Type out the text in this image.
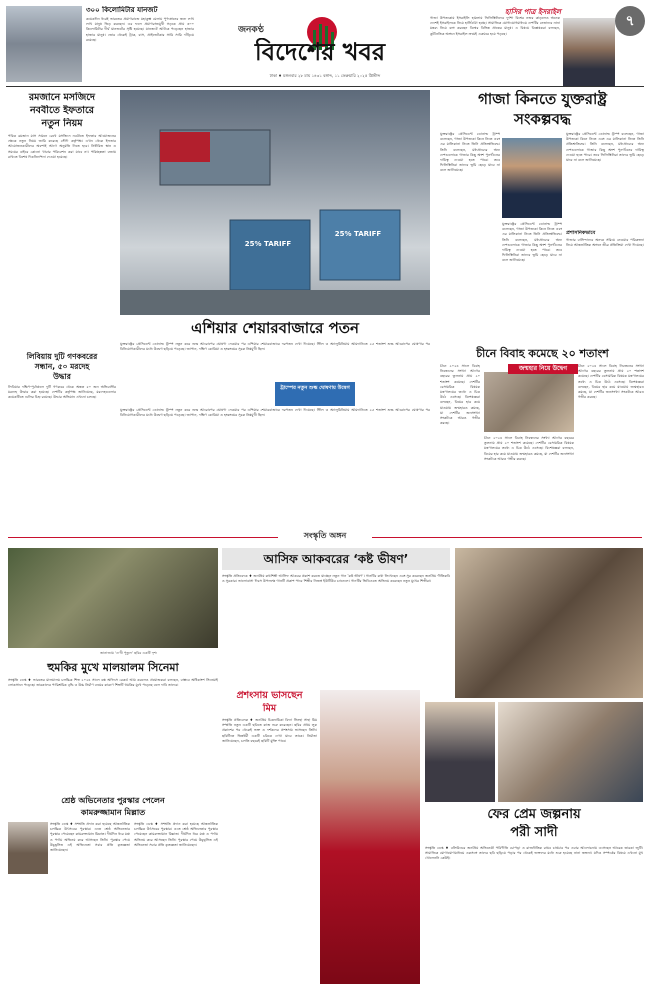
৩০০ কিলোমিটার যানজট
কয়েকদিন ধরেই ভারতের প্রয়াগরাজে মহাকুম্ভ মেলায় পুণ্যস্নানের জন্য লাখ লাখ মানুষ ভিড় করছেন। এর ফলে প্রয়াগরাজমুখী সড়কে প্রায় ৩০০ কিলোমিটার দীর্ঘ যানজটের সৃষ্টি হয়েছে। যানজটে আটকে পড়েছেন হাজার হাজার মানুষ। ভোর থেকেই ট্রাক, বাস, প্রাইভেটকার সারি সারি দাঁড়িয়ে রয়েছে।
জনকণ্ঠ
বিদেশের খবর
ঢাকা ♦ মঙ্গলবার ২৮ মাঘ ১৪৩১ বঙ্গাব্দ, ১১ ফেব্রুয়ারি ২০২৫ খ্রিস্টাব্দ
হাসির পাত্র ইসরাইল
গাজা উপত্যকায় ইসরাইলি হামলায় ফিলিস্তিনিদের দুর্দশা বিশ্বের নজর কাড়লেও অনেক দেশেই ইসরাইলকে নিয়ে হাসিঠাট্টা হচ্ছে। সামাজিক যোগাযোগমাধ্যমে দেশটির নেতাদের নানা মন্তব্য নিয়ে ব্যঙ্গ করছেন বিশ্বের বিভিন্ন প্রান্তের মানুষ। এ বিষয়ে বিশ্লেষকরা বলছেন, কূটনৈতিক অঙ্গনে ইসরাইল ক্রমেই একঘরে হয়ে পড়ছে।
৭
রমজানে মসজিদে
নববীতে ইফতারে
নতুন নিয়ম
পবিত্র রমজান মাস সামনে রেখে মসজিদে নববীতে ইফতার আয়োজনের ক্ষেত্রে নতুন নিয়ম জারি করেছে সৌদি কর্তৃপক্ষ। এখন থেকে ইফতার আয়োজনকারীদের অবশ্যই আগে অনুমতি নিতে হবে। নির্ধারিত স্থান ও সময়ের বাইরে কোনো খাবার পরিবেশন করা যাবে না। পরিচ্ছন্নতা বজায় রাখতে বিশেষ দিকনির্দেশনা দেওয়া হয়েছে।
লিবিয়ায় দুটি গণকবরের
সন্ধান, ৫০ মরদেহ
উদ্ধার
লিবিয়ার দক্ষিণ-পূর্বাঞ্চলে দুটি গণকবর থেকে অন্তত ৫০ জন অভিবাসীর মরদেহ উদ্ধার করা হয়েছে। দেশটির কর্তৃপক্ষ জানিয়েছে, মরদেহগুলোর কয়েকটিতে গুলির চিহ্ন রয়েছে। উদ্ধার অভিযান এখনো চলছে।
25% TARIFF
25% TARIFF
এশিয়ার শেয়ারবাজারে পতন
যুক্তরাষ্ট্রের প্রেসিডেন্ট ডোনাল্ড ট্রাম্প নতুন করে শুল্ক আরোপের ঘোষণা দেওয়ার পর এশিয়ার শেয়ারবাজারে দরপতন দেখা দিয়েছে। স্টিল ও অ্যালুমিনিয়াম আমদানিতে ২৫ শতাংশ শুল্ক আরোপের ঘোষণার পর বিনিয়োগকারীদের মধ্যে উদ্বেগ ছড়িয়ে পড়েছে। জাপান, দক্ষিণ কোরিয়া ও হংকংয়ের সূচক নিম্নমুখী ছিল।
ট্রাম্পের নতুন শুল্ক ঘোষণায় উদ্বেগ
যুক্তরাষ্ট্রের প্রেসিডেন্ট ডোনাল্ড ট্রাম্প নতুন করে শুল্ক আরোপের ঘোষণা দেওয়ার পর এশিয়ার শেয়ারবাজারে দরপতন দেখা দিয়েছে। স্টিল ও অ্যালুমিনিয়াম আমদানিতে ২৫ শতাংশ শুল্ক আরোপের ঘোষণার পর বিনিয়োগকারীদের মধ্যে উদ্বেগ ছড়িয়ে পড়েছে। জাপান, দক্ষিণ কোরিয়া ও হংকংয়ের সূচক নিম্নমুখী ছিল।
গাজা কিনতে যুক্তরাষ্ট্র
সংকল্পবদ্ধ
যুক্তরাষ্ট্রের প্রেসিডেন্ট ডোনাল্ড ট্রাম্প বলেছেন, গাজা উপত্যকা কিনে নিতে এবং এর মালিকানা নিতে তিনি প্রতিশ্রুতিবদ্ধ। তিনি বলেছেন, মধ্যপ্রাচ্যের অন্য দেশগুলোকে গাজার কিছু অংশ পুনর্গঠনের দায়িত্ব দেওয়া হতে পারে। তবে ফিলিস্তিনিরা তাদের ভূমি ছেড়ে যাবে না বলে জানিয়েছে।
যুক্তরাষ্ট্রের প্রেসিডেন্ট ডোনাল্ড ট্রাম্প বলেছেন, গাজা উপত্যকা কিনে নিতে এবং এর মালিকানা নিতে তিনি প্রতিশ্রুতিবদ্ধ। তিনি বলেছেন, মধ্যপ্রাচ্যের অন্য দেশগুলোকে গাজার কিছু অংশ পুনর্গঠনের দায়িত্ব দেওয়া হতে পারে। তবে ফিলিস্তিনিরা তাদের ভূমি ছেড়ে যাবে না বলে জানিয়েছে।
যুক্তরাষ্ট্রের প্রেসিডেন্ট ডোনাল্ড ট্রাম্প বলেছেন, গাজা উপত্যকা কিনে নিতে এবং এর মালিকানা নিতে তিনি প্রতিশ্রুতিবদ্ধ। তিনি বলেছেন, মধ্যপ্রাচ্যের অন্য দেশগুলোকে গাজার কিছু অংশ পুনর্গঠনের দায়িত্ব দেওয়া হতে পারে। তবে ফিলিস্তিনিরা তাদের ভূমি ছেড়ে যাবে না বলে জানিয়েছে।
প্রশাসনিকভাবে
গাজার বাসিন্দাদের অন্যত্র সরিয়ে নেওয়ার পরিকল্পনা নিয়ে আন্তর্জাতিক অঙ্গনে তীব্র প্রতিক্রিয়া দেখা দিয়েছে।
চীনে বিবাহ কমেছে ২০ শতাংশ
চীনে ২০২৪ সালে বিবাহ নিবন্ধনের সংখ্যা আগের বছরের তুলনায় প্রায় ২০ শতাংশ কমেছে। দেশটির বেসামরিক বিষয়ক মন্ত্রণালয়ের তথ্যে এ চিত্র উঠে এসেছে। বিশেষজ্ঞরা বলছেন, বিয়ের হার কমে যাওয়ায় জন্মহারও কমছে, যা দেশটির জনসংখ্যা সংকটকে আরও গভীর করছে।
জন্মহার নিয়ে উদ্বেগ
চীনে ২০২৪ সালে বিবাহ নিবন্ধনের সংখ্যা আগের বছরের তুলনায় প্রায় ২০ শতাংশ কমেছে। দেশটির বেসামরিক বিষয়ক মন্ত্রণালয়ের তথ্যে এ চিত্র উঠে এসেছে। বিশেষজ্ঞরা বলছেন, বিয়ের হার কমে যাওয়ায় জন্মহারও কমছে, যা দেশটির জনসংখ্যা সংকটকে আরও গভীর করছে।
চীনে ২০২৪ সালে বিবাহ নিবন্ধনের সংখ্যা আগের বছরের তুলনায় প্রায় ২০ শতাংশ কমেছে। দেশটির বেসামরিক বিষয়ক মন্ত্রণালয়ের তথ্যে এ চিত্র উঠে এসেছে। বিশেষজ্ঞরা বলছেন, বিয়ের হার কমে যাওয়ায় জন্মহারও কমছে, যা দেশটির জনসংখ্যা সংকটকে আরও গভীর করছে।
সংস্কৃতি অঙ্গন
জানাজায় ‘দেখী পুতুল’ ছবির একটি দৃশ্য
হুমকির মুখে মালয়ালম সিনেমা
সংস্কৃতি ডেস্ক ♦ ভারতের মালয়ালম চলচ্চিত্র শিল্প ২০২৪ সালে বক্স অফিসে রেকর্ড আয় করলেও প্রযোজকরা বলছেন, বাস্তবে অধিকাংশ সিনেমাই লোকসানে পড়েছে। তারকাদের পারিশ্রমিক বৃদ্ধি ও উচ্চ নির্মাণ ব্যয়ের কারণে শিল্পটি হুমকির মুখে পড়েছে বলে দাবি তাদের।
আসিফ আকবরের ‘কষ্ট ভীষণ’
সংস্কৃতি প্রতিবেদক ♦ জনপ্রিয় কণ্ঠশিল্পী আসিফ আকবর প্রকাশ করতে যাচ্ছেন নতুন গান ‘কষ্ট ভীষণ’। গানটির কথা লিখেছেন এবং সুর করেছেন জনপ্রিয় গীতিকবি ও সুরকার। ভালোবাসা দিবস উপলক্ষে গানটি প্রকাশ পাবে শিল্পীর নিজস্ব ইউটিউব চ্যানেলে। গানটির ভিডিওতে অভিনয় করেছেন নতুন মুখের শিল্পীরা।
প্রশংসায় ভাসছেন
মিম
সংস্কৃতি প্রতিবেদক ♦ জনপ্রিয় চিত্রনায়িকা বিদ্যা সিনহা সাহা মিম সম্প্রতি নতুন একটি ছবিতে কাজ শুরু করেছেন। ছবির প্রথম লুক প্রকাশের পর থেকেই ভক্ত ও দর্শকদের প্রশংসায় ভাসছেন তিনি। ছবিটিতে ভিন্নধর্মী একটি চরিত্রে দেখা যাবে তাকে। নির্মাতা জানিয়েছেন, চলতি বছরেই ছবিটি মুক্তি পাবে।
শ্রেষ্ঠ অভিনেতার পুরস্কার পেলেন
কামরুজ্জামান মিল্লাত
সংস্কৃতি ডেস্ক ♦ সম্প্রতি প্রদান করা হয়েছে আন্তর্জাতিক চলচ্চিত্র উৎসবের পুরস্কার। এতে শ্রেষ্ঠ অভিনেতার পুরস্কার পেয়েছেন কামরুজ্জামান মিল্লাত। দীর্ঘদিন ধরে মঞ্চ ও পর্দায় অভিনয় করে আসছেন তিনি। পুরস্কার পেয়ে উচ্ছ্বসিত এই অভিনেতা সবার প্রতি কৃতজ্ঞতা জানিয়েছেন।
সংস্কৃতি ডেস্ক ♦ সম্প্রতি প্রদান করা হয়েছে আন্তর্জাতিক চলচ্চিত্র উৎসবের পুরস্কার। এতে শ্রেষ্ঠ অভিনেতার পুরস্কার পেয়েছেন কামরুজ্জামান মিল্লাত। দীর্ঘদিন ধরে মঞ্চ ও পর্দায় অভিনয় করে আসছেন তিনি। পুরস্কার পেয়ে উচ্ছ্বসিত এই অভিনেতা সবার প্রতি কৃতজ্ঞতা জানিয়েছেন।
ফের প্রেম জল্পনায়
পরী সাদী
সংস্কৃতি ডেস্ক ♦ বলিউডের জনপ্রিয় অভিনেত্রী পরিণীতি চোপড়া ও রাজনীতিক রাঘব চাড্ডার পর এবার আলোচনায় এসেছেন আরেক তারকা জুটি। সামাজিক যোগাযোগমাধ্যমে একসঙ্গে তাদের ছবি ছড়িয়ে পড়ার পর থেকেই ভক্তদের মধ্যে শুরু হয়েছে নানা জল্পনা। যদিও সম্পর্কের বিষয়ে এখনো মুখ খোলেননি কেউই।
